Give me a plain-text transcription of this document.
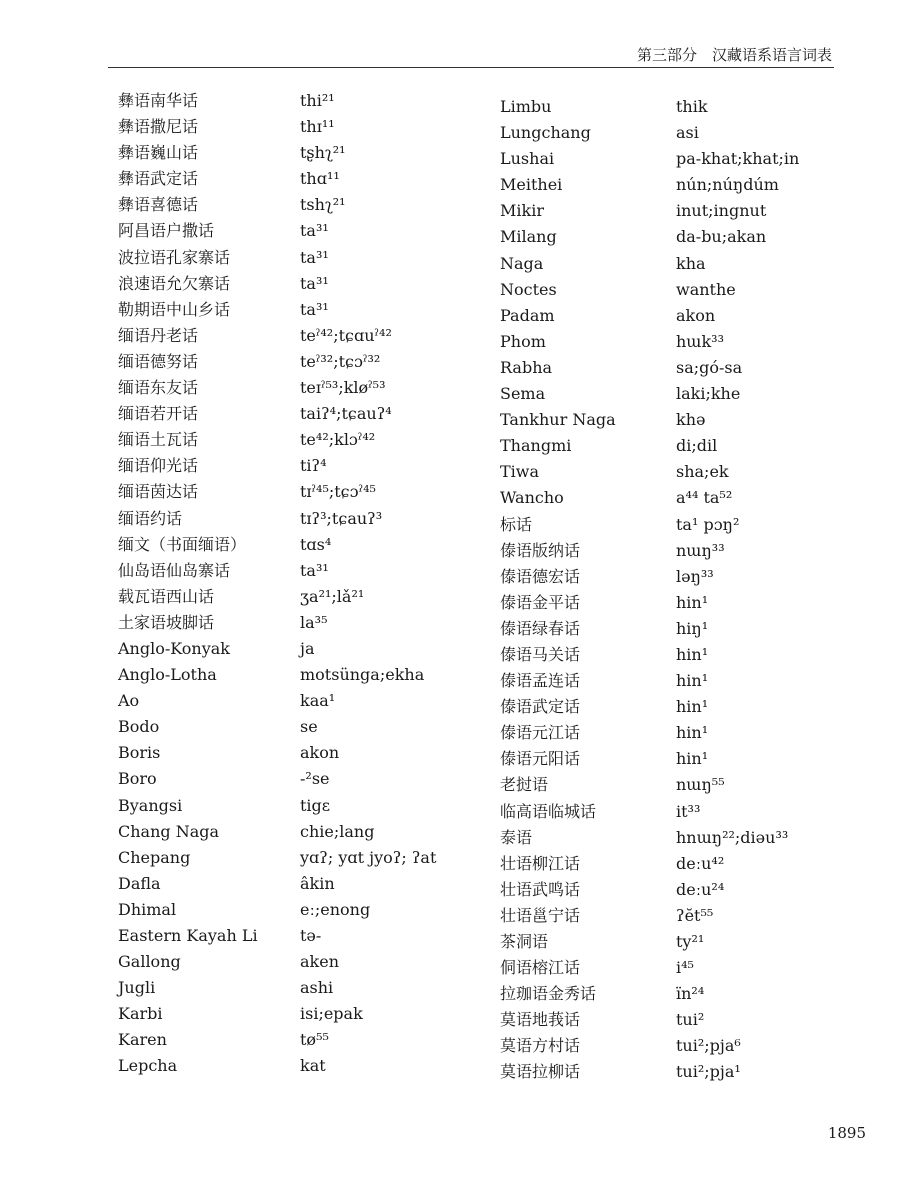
第三部分　汉藏语系语言词表
彝语南华话	thi²¹
彝语撒尼话	thɪ¹¹
彝语巍山话	tʂhʅ²¹
彝语武定话	thɑ¹¹
彝语喜德话	tshʅ²¹
阿昌语户撒话	ta³¹
波拉语孔家寨话	ta³¹
浪速语允欠寨话	ta³¹
勒期语中山乡话	ta³¹
缅语丹老话	teˀ⁴²;tɕɑuˀ⁴²
缅语德努话	teˀ³²;tɕɔˀ³²
缅语东友话	teɪˀ⁵³;kløˀ⁵³
缅语若开话	taiʔ⁴;tɕauʔ⁴
缅语土瓦话	te⁴²;klɔˀ⁴²
缅语仰光话	tiʔ⁴
缅语茵达话	tɪˀ⁴⁵;tɕɔˀ⁴⁵
缅语约话	tɪʔ³;tɕauʔ³
缅文（书面缅语）	tɑs⁴
仙岛语仙岛寨话	ta³¹
载瓦语西山话	ʒa²¹;lǎ²¹
土家语坡脚话	la³⁵
Anglo-Konyak	ja
Anglo-Lotha	motsünga;ekha
Ao	kaa¹
Bodo	se
Boris	akon
Boro	-²se
Byangsi	tigɛ
Chang Naga	chie;lang
Chepang	yɑʔ; yɑt jyoʔ; ʔat
Dafla	âkin
Dhimal	eː;enong
Eastern Kayah Li	tə-
Gallong	aken
Jugli	ashi
Karbi	isi;epak
Karen	tø⁵⁵
Lepcha	kat
Limbu	thik
Lungchang	asi
Lushai	pa-khat;khat;in
Meithei	nún;núŋdúm
Mikir	inut;ingnut
Milang	da-bu;akan
Naga	kha
Noctes	wanthe
Padam	akon
Phom	hɯk³³
Rabha	sa;gó-sa
Sema	laki;khe
Tankhur Naga	khə
Thangmi	di;dil
Tiwa	sha;ek
Wancho	a⁴⁴ ta⁵²
标话	ta¹ pɔŋ²
傣语版纳话	nɯŋ³³
傣语德宏话	ləŋ³³
傣语金平话	hin¹
傣语绿春话	hiŋ¹
傣语马关话	hin¹
傣语孟连话	hin¹
傣语武定话	hin¹
傣语元江话	hin¹
傣语元阳话	hin¹
老挝语	nɯŋ⁵⁵
临高语临城话	it³³
泰语	hnɯŋ²²;diəu³³
壮语柳江话	deːu⁴²
壮语武鸣话	deːu²⁴
壮语邕宁话	ʔĕt⁵⁵
茶洞语	ty²¹
侗语榕江话	i⁴⁵
拉珈语金秀话	ïn²⁴
莫语地莪话	tui²
莫语方村话	tui²;pja⁶
莫语拉柳话	tui²;pja¹
1895
